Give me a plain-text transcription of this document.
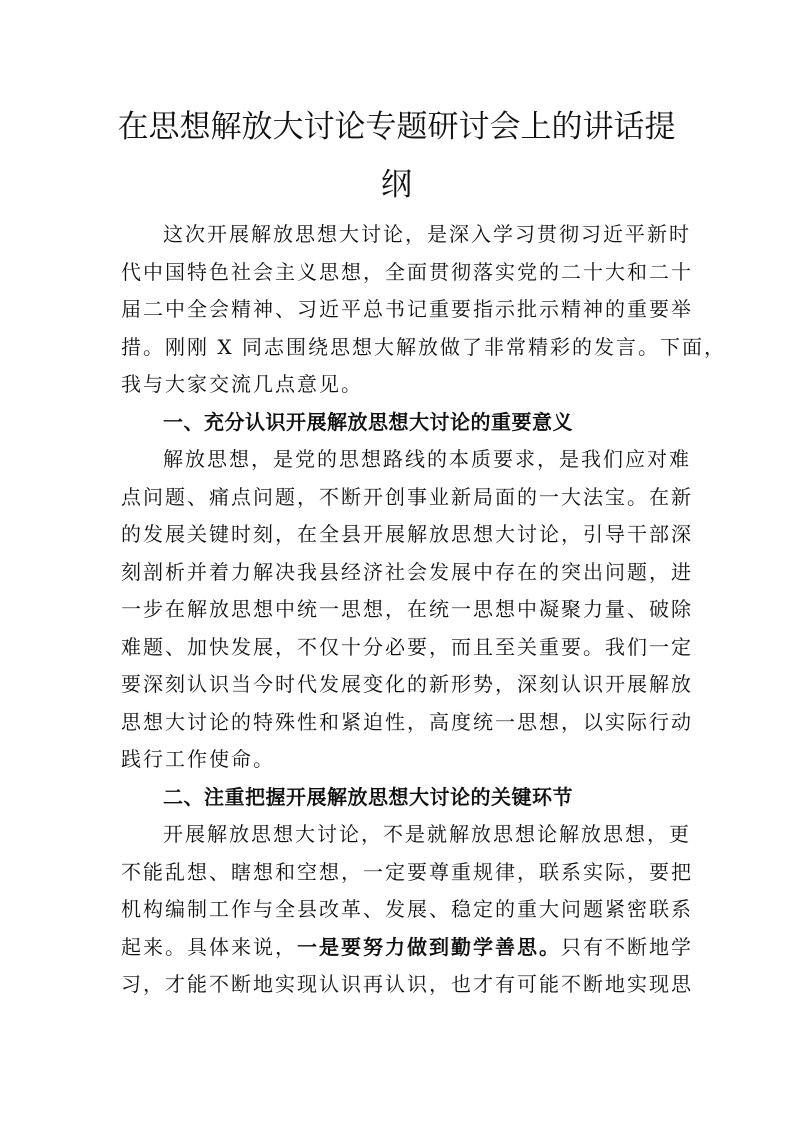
在思想解放大讨论专题研讨会上的讲话提
纲
这次开展解放思想大讨论，是深入学习贯彻习近平新时
代中国特色社会主义思想，全面贯彻落实党的二十大和二十
届二中全会精神、习近平总书记重要指示批示精神的重要举
措。刚刚 X 同志围绕思想大解放做了非常精彩的发言。下面，
我与大家交流几点意见。
一、充分认识开展解放思想大讨论的重要意义
解放思想，是党的思想路线的本质要求，是我们应对难
点问题、痛点问题，不断开创事业新局面的一大法宝。在新
的发展关键时刻，在全县开展解放思想大讨论，引导干部深
刻剖析并着力解决我县经济社会发展中存在的突出问题，进
一步在解放思想中统一思想，在统一思想中凝聚力量、破除
难题、加快发展，不仅十分必要，而且至关重要。我们一定
要深刻认识当今时代发展变化的新形势，深刻认识开展解放
思想大讨论的特殊性和紧迫性，高度统一思想，以实际行动
践行工作使命。
二、注重把握开展解放思想大讨论的关键环节
开展解放思想大讨论，不是就解放思想论解放思想，更
不能乱想、瞎想和空想，一定要尊重规律，联系实际，要把
机构编制工作与全县改革、发展、稳定的重大问题紧密联系
起来。具体来说，一是要努力做到勤学善思。只有不断地学
习，才能不断地实现认识再认识，也才有可能不断地实现思
